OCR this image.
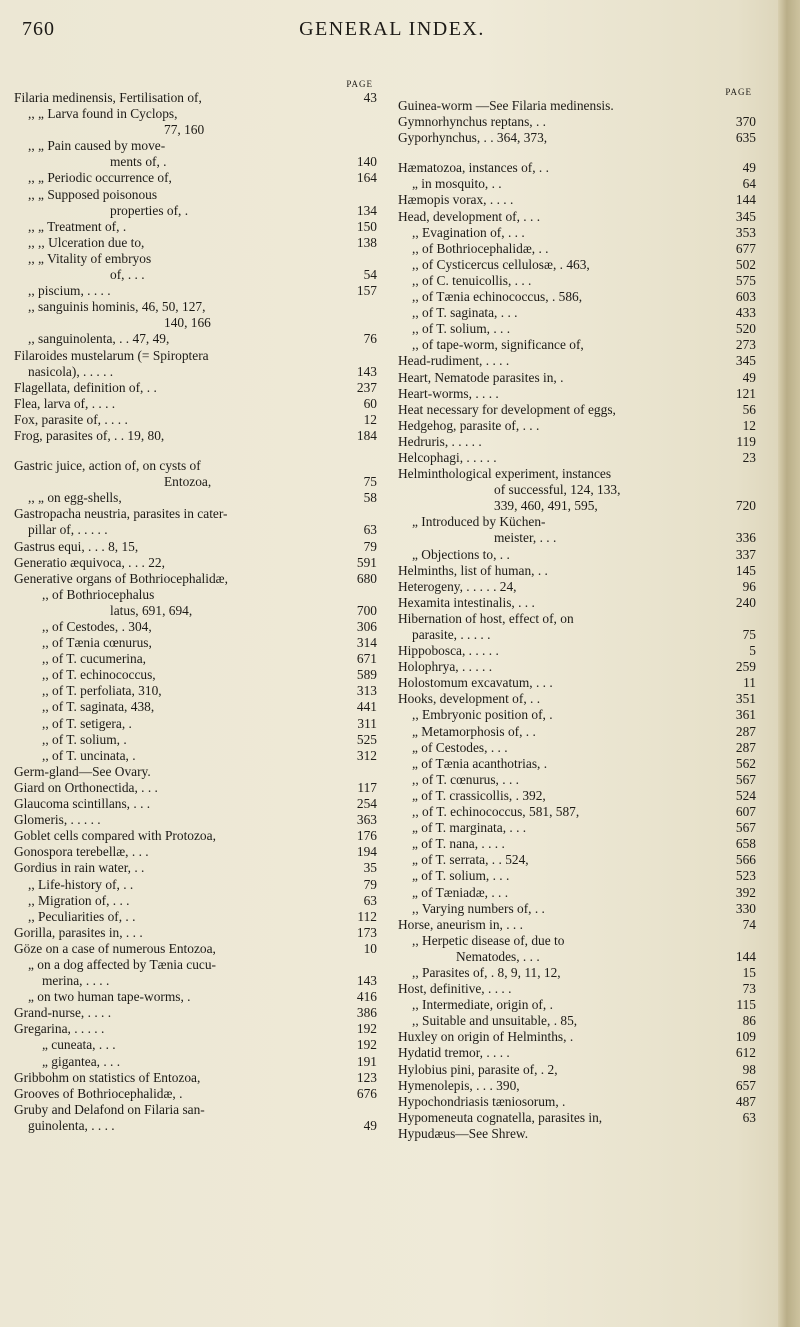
760	GENERAL INDEX.
PAGE
Filaria medinensis, Fertilisation of,	43
,, „ Larva found in Cyclops,
77, 160
,, „ Pain caused by move-
ments of, .	140
,, „ Periodic occurrence of,	164
,, „ Supposed poisonous
properties of, .	134
,, „ Treatment of, .	150
,, ,, Ulceration due to,	138
,, „ Vitality of embryos
of, . . .	54
,, piscium, . . . .	157
,, sanguinis hominis, 46, 50, 127,
140, 166
,, sanguinolenta, . . 47, 49,	76
Filaroides mustelarum (= Spiroptera
nasicola), . . . . .	143
Flagellata, definition of, . .	237
Flea, larva of, . . . .	60
Fox, parasite of, . . . .	12
Frog, parasites of, . . 19, 80,	184
Gastric juice, action of, on cysts of
Entozoa,	75
,, „ on egg-shells,	58
Gastropacha neustria, parasites in cater-
pillar of, . . . . .	63
Gastrus equi, . . . 8, 15,	79
Generatio æquivoca, . . . 22,	591
Generative organs of Bothriocephalidæ,	680
,, of Bothriocephalus
latus, 691, 694,	700
,, of Cestodes, . 304,	306
,, of Tænia cœnurus,	314
,, of T. cucumerina,	671
,, of T. echinococcus,	589
,, of T. perfoliata, 310,	313
,, of T. saginata, 438,	441
,, of T. setigera, .	311
,, of T. solium, .	525
,, of T. uncinata, .	312
Germ-gland—See Ovary.
Giard on Orthonectida, . . .	117
Glaucoma scintillans, . . .	254
Glomeris, . . . . .	363
Goblet cells compared with Protozoa,	176
Gonospora terebellæ, . . .	194
Gordius in rain water, . .	35
,, Life-history of, . .	79
,, Migration of, . . .	63
,, Peculiarities of, . .	112
Gorilla, parasites in, . . .	173
Göze on a case of numerous Entozoa,	10
„ on a dog affected by Tænia cucu-
merina, . . . .	143
„ on two human tape-worms, .	416
Grand-nurse, . . . .	386
Gregarina, . . . . .	192
„ cuneata, . . .	192
„ gigantea, . . .	191
Gribbohm on statistics of Entozoa,	123
Grooves of Bothriocephalidæ, .	676
Gruby and Delafond on Filaria san-
guinolenta, . . . .	49
PAGE
Guinea-worm —See Filaria medinensis.
Gymnorhynchus reptans, . .	370
Gyporhynchus, . . 364, 373,	635
Hæmatozoa, instances of, . .	49
„ in mosquito, . .	64
Hæmopis vorax, . . . .	144
Head, development of, . . .	345
,, Evagination of, . . .	353
,, of Bothriocephalidæ, . .	677
,, of Cysticercus cellulosæ, . 463,	502
,, of C. tenuicollis, . . .	575
,, of Tænia echinococcus, . 586,	603
,, of T. saginata, . . .	433
,, of T. solium, . . .	520
,, of tape-worm, significance of,	273
Head-rudiment, . . . .	345
Heart, Nematode parasites in, .	49
Heart-worms, . . . .	121
Heat necessary for development of eggs,	56
Hedgehog, parasite of, . . .	12
Hedruris, . . . . .	119
Helcophagi, . . . . .	23
Helminthological experiment, instances
of successful, 124, 133,
339, 460, 491, 595,	720
„ Introduced by Küchen-
meister, . . .	336
„ Objections to, . .	337
Helminths, list of human, . .	145
Heterogeny, . . . . . 24,	96
Hexamita intestinalis, . . .	240
Hibernation of host, effect of, on
parasite, . . . . .	75
Hippobosca, . . . . .	5
Holophrya, . . . . .	259
Holostomum excavatum, . . .	11
Hooks, development of, . .	351
,, Embryonic position of, .	361
„ Metamorphosis of, . .	287
„ of Cestodes, . . .	287
„ of Tænia acanthotrias, .	562
,, of T. cœnurus, . . .	567
„ of T. crassicollis, . 392,	524
,, of T. echinococcus, 581, 587,	607
„ of T. marginata, . . .	567
„ of T. nana, . . . .	658
„ of T. serrata, . . 524,	566
„ of T. solium, . . .	523
„ of Tæniadæ, . . .	392
,, Varying numbers of, . .	330
Horse, aneurism in, . . .	74
,, Herpetic disease of, due to
Nematodes, . . .	144
,, Parasites of, . 8, 9, 11, 12,	15
Host, definitive, . . . .	73
,, Intermediate, origin of, .	115
,, Suitable and unsuitable, . 85,	86
Huxley on origin of Helminths, .	109
Hydatid tremor, . . . .	612
Hylobius pini, parasite of, . 2,	98
Hymenolepis, . . . 390,	657
Hypochondriasis tæniosorum, .	487
Hypomeneuta cognatella, parasites in,	63
Hypudæus—See Shrew.
